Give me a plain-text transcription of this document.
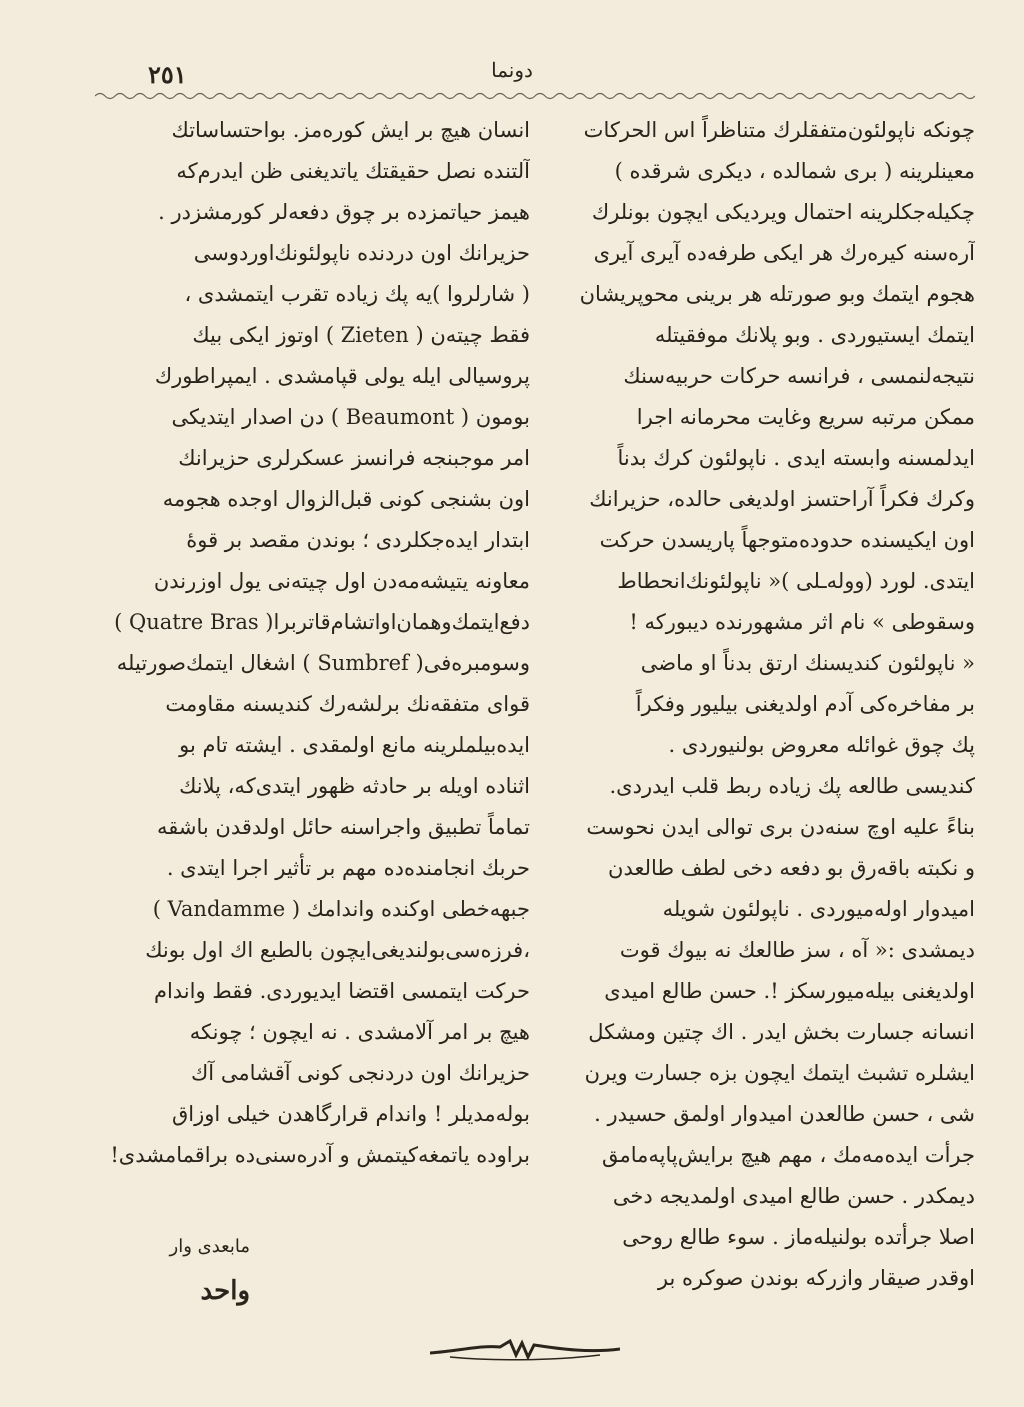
٢٥١	دونما
چونكه ناپولئون‌متفقلرك متناظراً اس الحركات
معينلرينه ( برى شمالده ، ديكرى شرقده )
چكيله‌جكلرينه احتمال ويرديكى ايچون بونلرك
آره‌سنه كيره‌رك هر ايكى طرفه‌ده آيرى آيرى
هجوم ايتمك وبو صورتله هر برينى محوپريشان
ايتمك ايستيوردى . وبو پلانك موفقيتله
نتيجه‌لنمسى ، فرانسه حركات حربيه‌سنك
ممكن مرتبه سريع وغايت محرمانه اجرا
ايدلمسنه وابسته ايدى . ناپولئون كرك بدناً
وكرك فكراً آراحتسز اولديغى حالده، حزيرانك
اون ايكيسنده حدوده‌متوجهاً پاريسدن حركت
ايتدى. لورد (ووله‌ـلى )« ناپولئونك‌انحطاط
وسقوطى » نام اثر مشهورنده ديبوركه !
« ناپولئون كنديسنك ارتق بدناً او ماضى‌
بر مفاخره‌كى آدم اولديغنى بيليور وفكراً
پك چوق غوائله معروض بولنيوردى .
كنديسى طالعه پك زياده ربط قلب ايدردى.
بناءً عليه اوچ سنه‌دن برى توالى ايدن نحوست
و نكبته باقه‌رق بو دفعه دخى لطف طالعدن
اميدوار اوله‌ميوردى . ناپولئون شويله
ديمشدى :« آه ، سز طالعك نه بيوك قوت
اولديغنى بيله‌ميورسكز !. حسن طالع اميدى
انسانه جسارت بخش ايدر . اك چتين ومشكل
ايشلره تشبث ايتمك ايچون بزه جسارت ويرن
شى ، حسن طالعدن اميدوار اولمق حسيدر .
جرأت ايده‌مه‌مك ، مهم هيچ برايش‌پاپه‌مامق
ديمكدر . حسن طالع اميدى اولمديجه دخى
اصلا جرأتده بولنيله‌ماز . سوء طالع روحى
اوقدر صيقار وازركه بوندن صوكره بر
انسان هيچ بر ايش كوره‌مز. بواحتساساتك
آلتنده نصل حقيقتك ياتديغنى ظن ايدرم‌كه
هيمز حياتمزده بر چوق دفعه‌لر كورمشزدر .
حزيرانك اون دردنده ناپولئونك‌اوردوسى
( شارلروا )يه پك زياده تقرب ايتمشدى ،
فقط چيته‌ن ( Zieten ) اوتوز ايكى بيك
پروسيالى ايله يولى قپامشدى . ايمپراطورك
بومون ( Beaumont ) دن اصدار ايتديكى
امر موجبنجه فرانسز عسكرلرى حزيرانك
اون بشنجى كونى قبل‌الزوال اوجده هجومه
ابتدار ايده‌جكلردى ؛ بوندن مقصد بر قوهٔ
معاونه يتيشه‌مه‌دن اول چيته‌نى يول اوزرندن
دفع‌ايتمك‌وهمان‌اواتشام‌قاتربرا( Quatre Bras )
وسومبره‌فى( Sumbref ) اشغال ايتمك‌صورتيله
قواى متفقه‌نك برلشه‌رك كنديسنه مقاومت
ايده‌بيلملرينه مانع اولمقدى . ايشته تام بو
اثناده اويله بر حادثه ظهور ايتدى‌كه، پلانك
تماماً تطبيق واجراسنه حائل اولدقدن باشقه
حربك انجامنده‌ده مهم بر تأثير اجرا ايتدى .
جبهه‌خطى اوكنده واندامك ( Vandamme )
،فرزه‌سى‌بولنديغى‌ايچون بالطبع اك اول بونك
حركت ايتمسى اقتضا ايديوردى. فقط واندام
هيچ بر امر آلامشدى . نه ايچون ؛ چونكه
حزيرانك اون دردنجى كونى آقشامى آك
بوله‌مديلر ! واندام قرارگاهدن خيلى اوزاق
براوده ياتمغه‌كيتمش و آدره‌سنى‌ده براقمامشدى!
مابعدى وار
واحد
